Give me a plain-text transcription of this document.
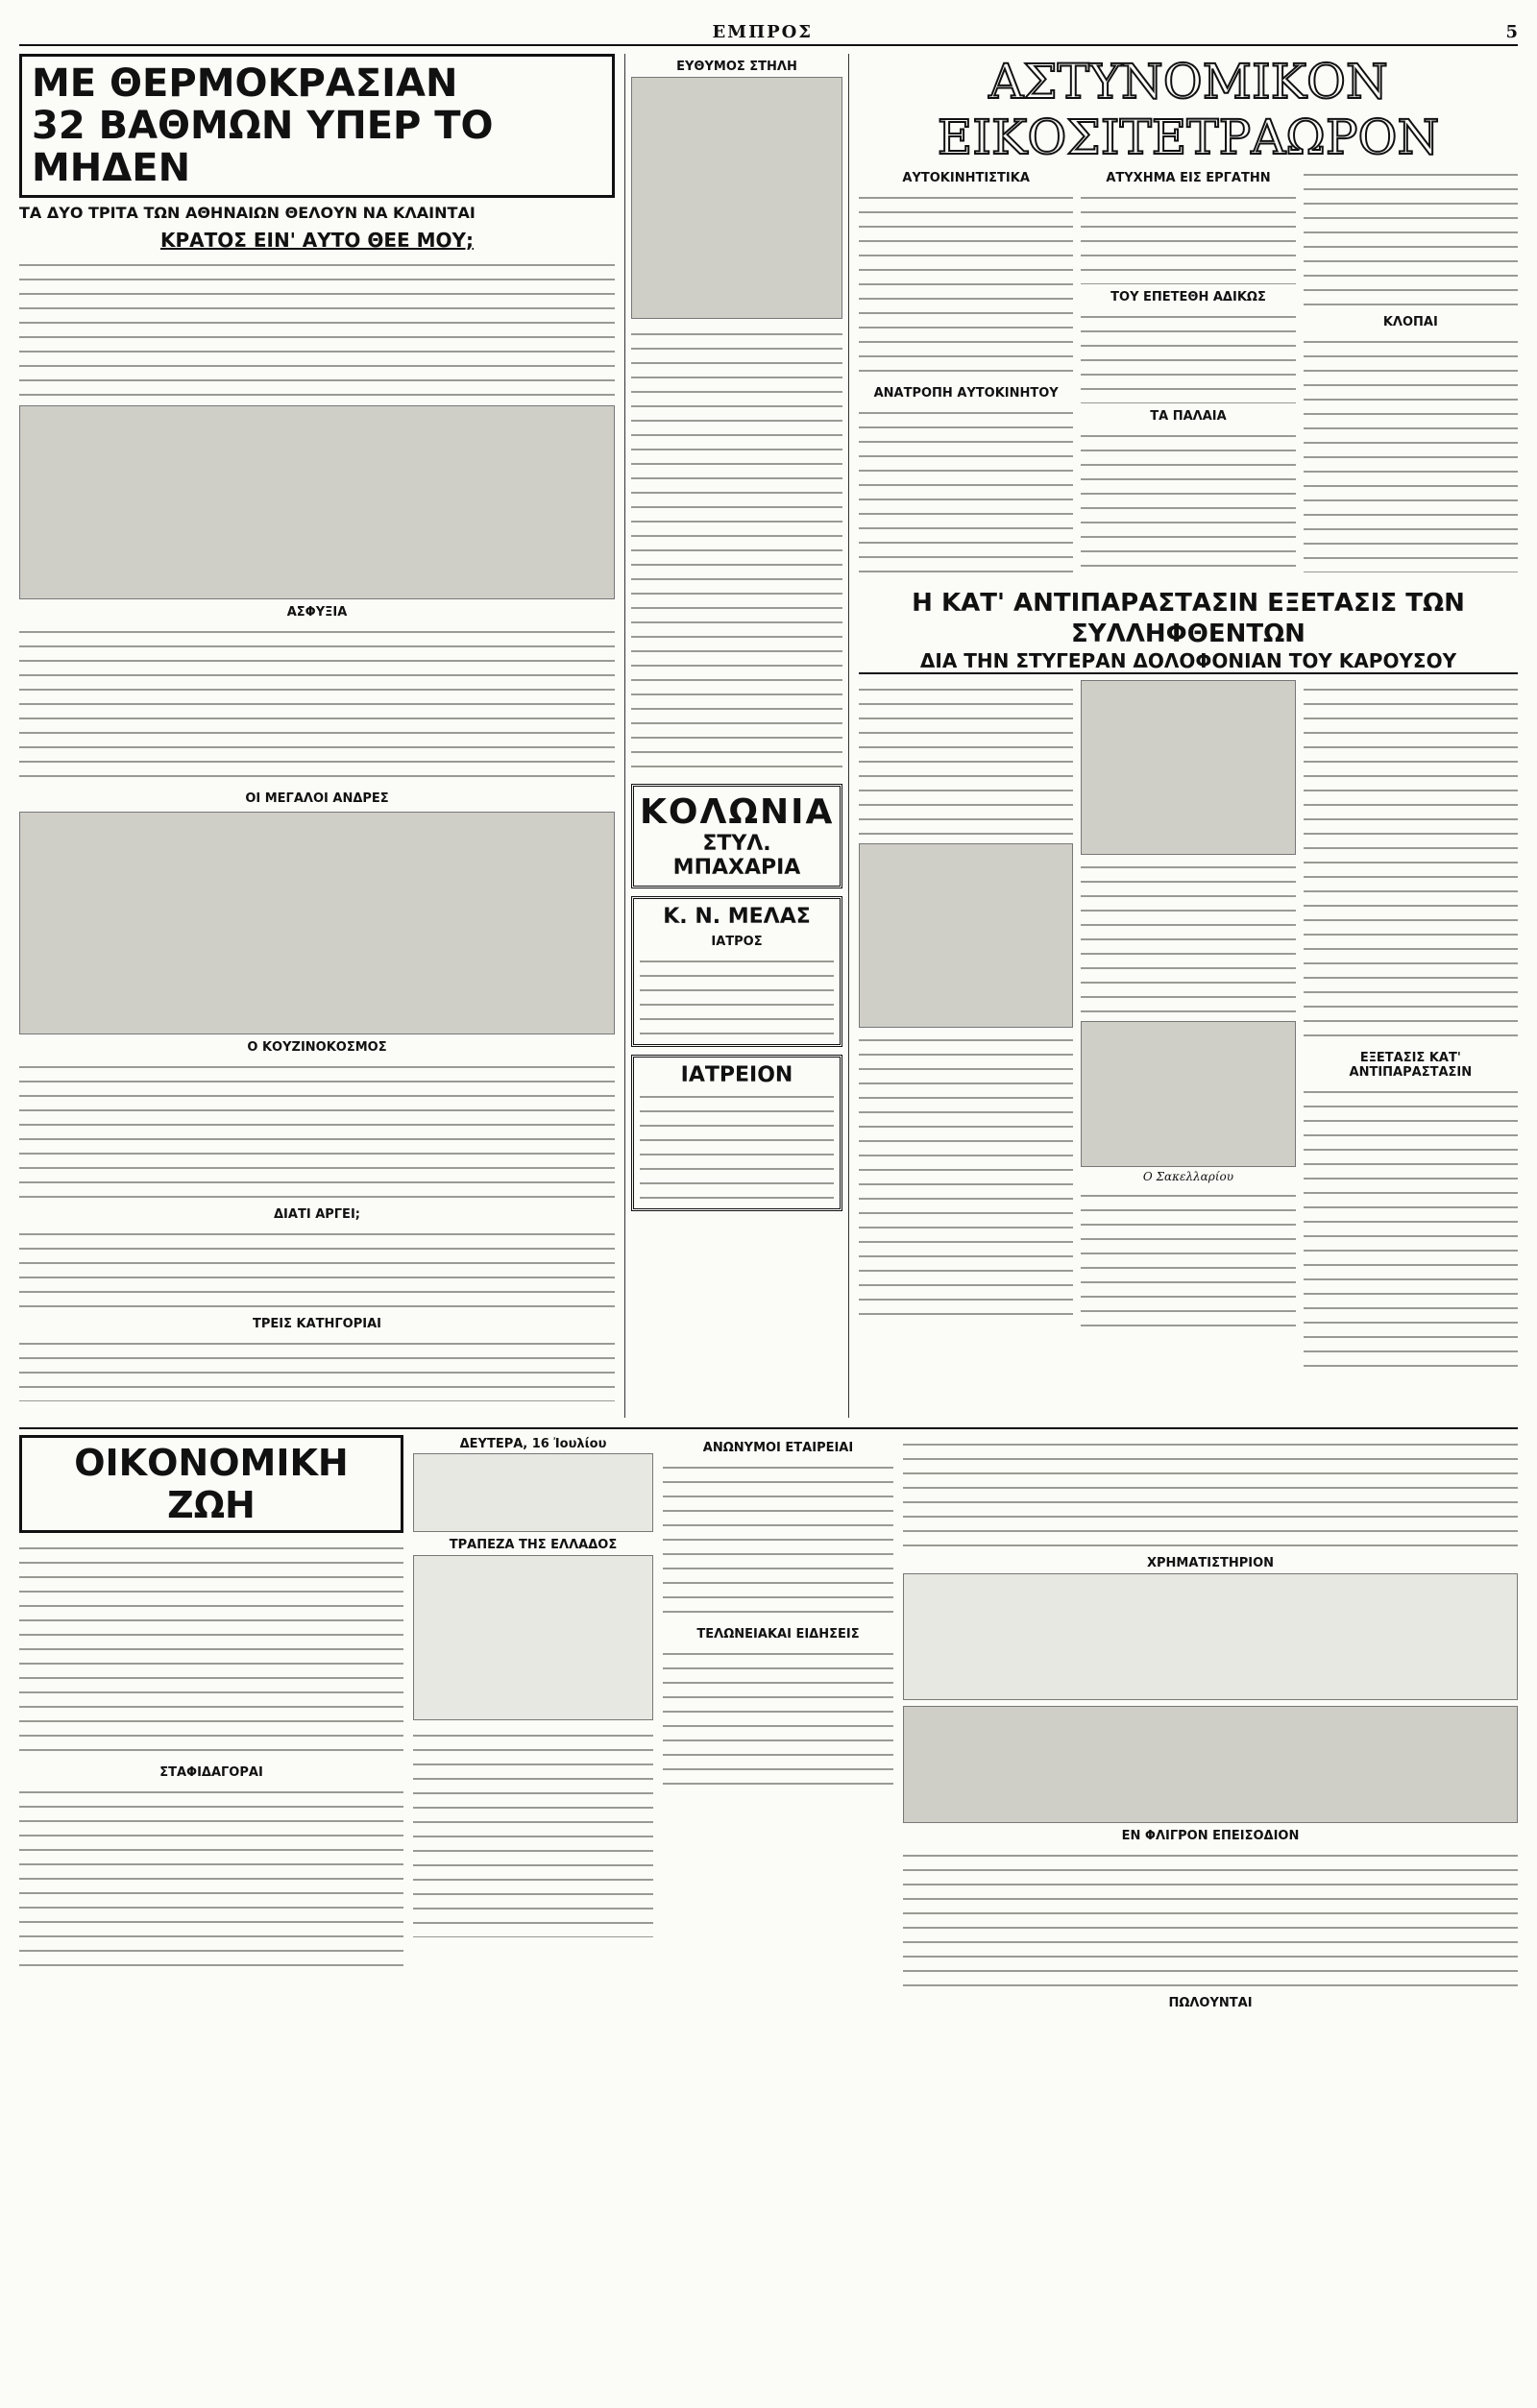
ΕΜΠΡΟΣ	5
ΜΕ ΘΕΡΜΟΚΡΑΣΙΑΝ
32 ΒΑΘΜΩΝ ΥΠΕΡ ΤΟ ΜΗΔΕΝ
ΤΑ ΔΥΟ ΤΡΙΤΑ ΤΩΝ ΑΘΗΝΑΙΩΝ ΘΕΛΟΥΝ ΝΑ ΚΛΑΙΝΤΑΙ
ΚΡΑΤΟΣ ΕΙΝ' ΑΥΤΟ ΘΕΕ ΜΟΥ;
ΑΣΦΥΞΙΑ
ΟΙ ΜΕΓΑΛΟΙ ΑΝΔΡΕΣ
Ο ΚΟΥΖΙΝΟΚΟΣΜΟΣ
ΔΙΑΤΙ ΑΡΓΕΙ;
ΤΡΕΙΣ ΚΑΤΗΓΟΡΙΑΙ
ΕΥΘΥΜΟΣ ΣΤΗΛΗ
ΚΟΛΩΝΙΑ
ΣΤΥΛ. ΜΠΑΧΑΡΙΑ
Κ. Ν. ΜΕΛΑΣ
ΙΑΤΡΟΣ
ΙΑΤΡΕΙΟΝ
ΑΣΤΥΝΟΜΙΚΟΝ
ΕΙΚΟΣΙΤΕΤΡΑΩΡΟΝ
ΑΥΤΟΚΙΝΗΤΙΣΤΙΚΑ
ΑΝΑΤΡΟΠΗ ΑΥΤΟΚΙΝΗΤΟΥ
ΑΤΥΧΗΜΑ ΕΙΣ ΕΡΓΑΤΗΝ
ΤΟΥ ΕΠΕΤΕΘΗ ΑΔΙΚΩΣ
ΤΑ ΠΑΛΑΙΑ
ΚΛΟΠΑΙ
Η ΚΑΤ' ΑΝΤΙΠΑΡΑΣΤΑΣΙΝ ΕΞΕΤΑΣΙΣ ΤΩΝ ΣΥΛΛΗΦΘΕΝΤΩΝ
ΔΙΑ ΤΗΝ ΣΤΥΓΕΡΑΝ ΔΟΛΟΦΟΝΙΑΝ ΤΟΥ ΚΑΡΟΥΣΟΥ
Ο Σακελλαρίου
ΕΞΕΤΑΣΙΣ ΚΑΤ' ΑΝΤΙΠΑΡΑΣΤΑΣΙΝ
ΟΙΚΟΝΟΜΙΚΗ ΖΩΗ
ΣΤΑΦΙΔΑΓΟΡΑΙ
ΔΕΥΤΕΡΑ, 16 Ἰουλίου
ΤΡΑΠΕΖΑ ΤΗΣ ΕΛΛΑΔΟΣ
ΑΝΩΝΥΜΟΙ ΕΤΑΙΡΕΙΑΙ
ΤΕΛΩΝΕΙΑΚΑΙ ΕΙΔΗΣΕΙΣ
ΧΡΗΜΑΤΙΣΤΗΡΙΟΝ
ΕΝ ΦΛΙΓΡΟΝ ΕΠΕΙΣΟΔΙΟΝ
ΠΩΛΟΥΝΤΑΙ
